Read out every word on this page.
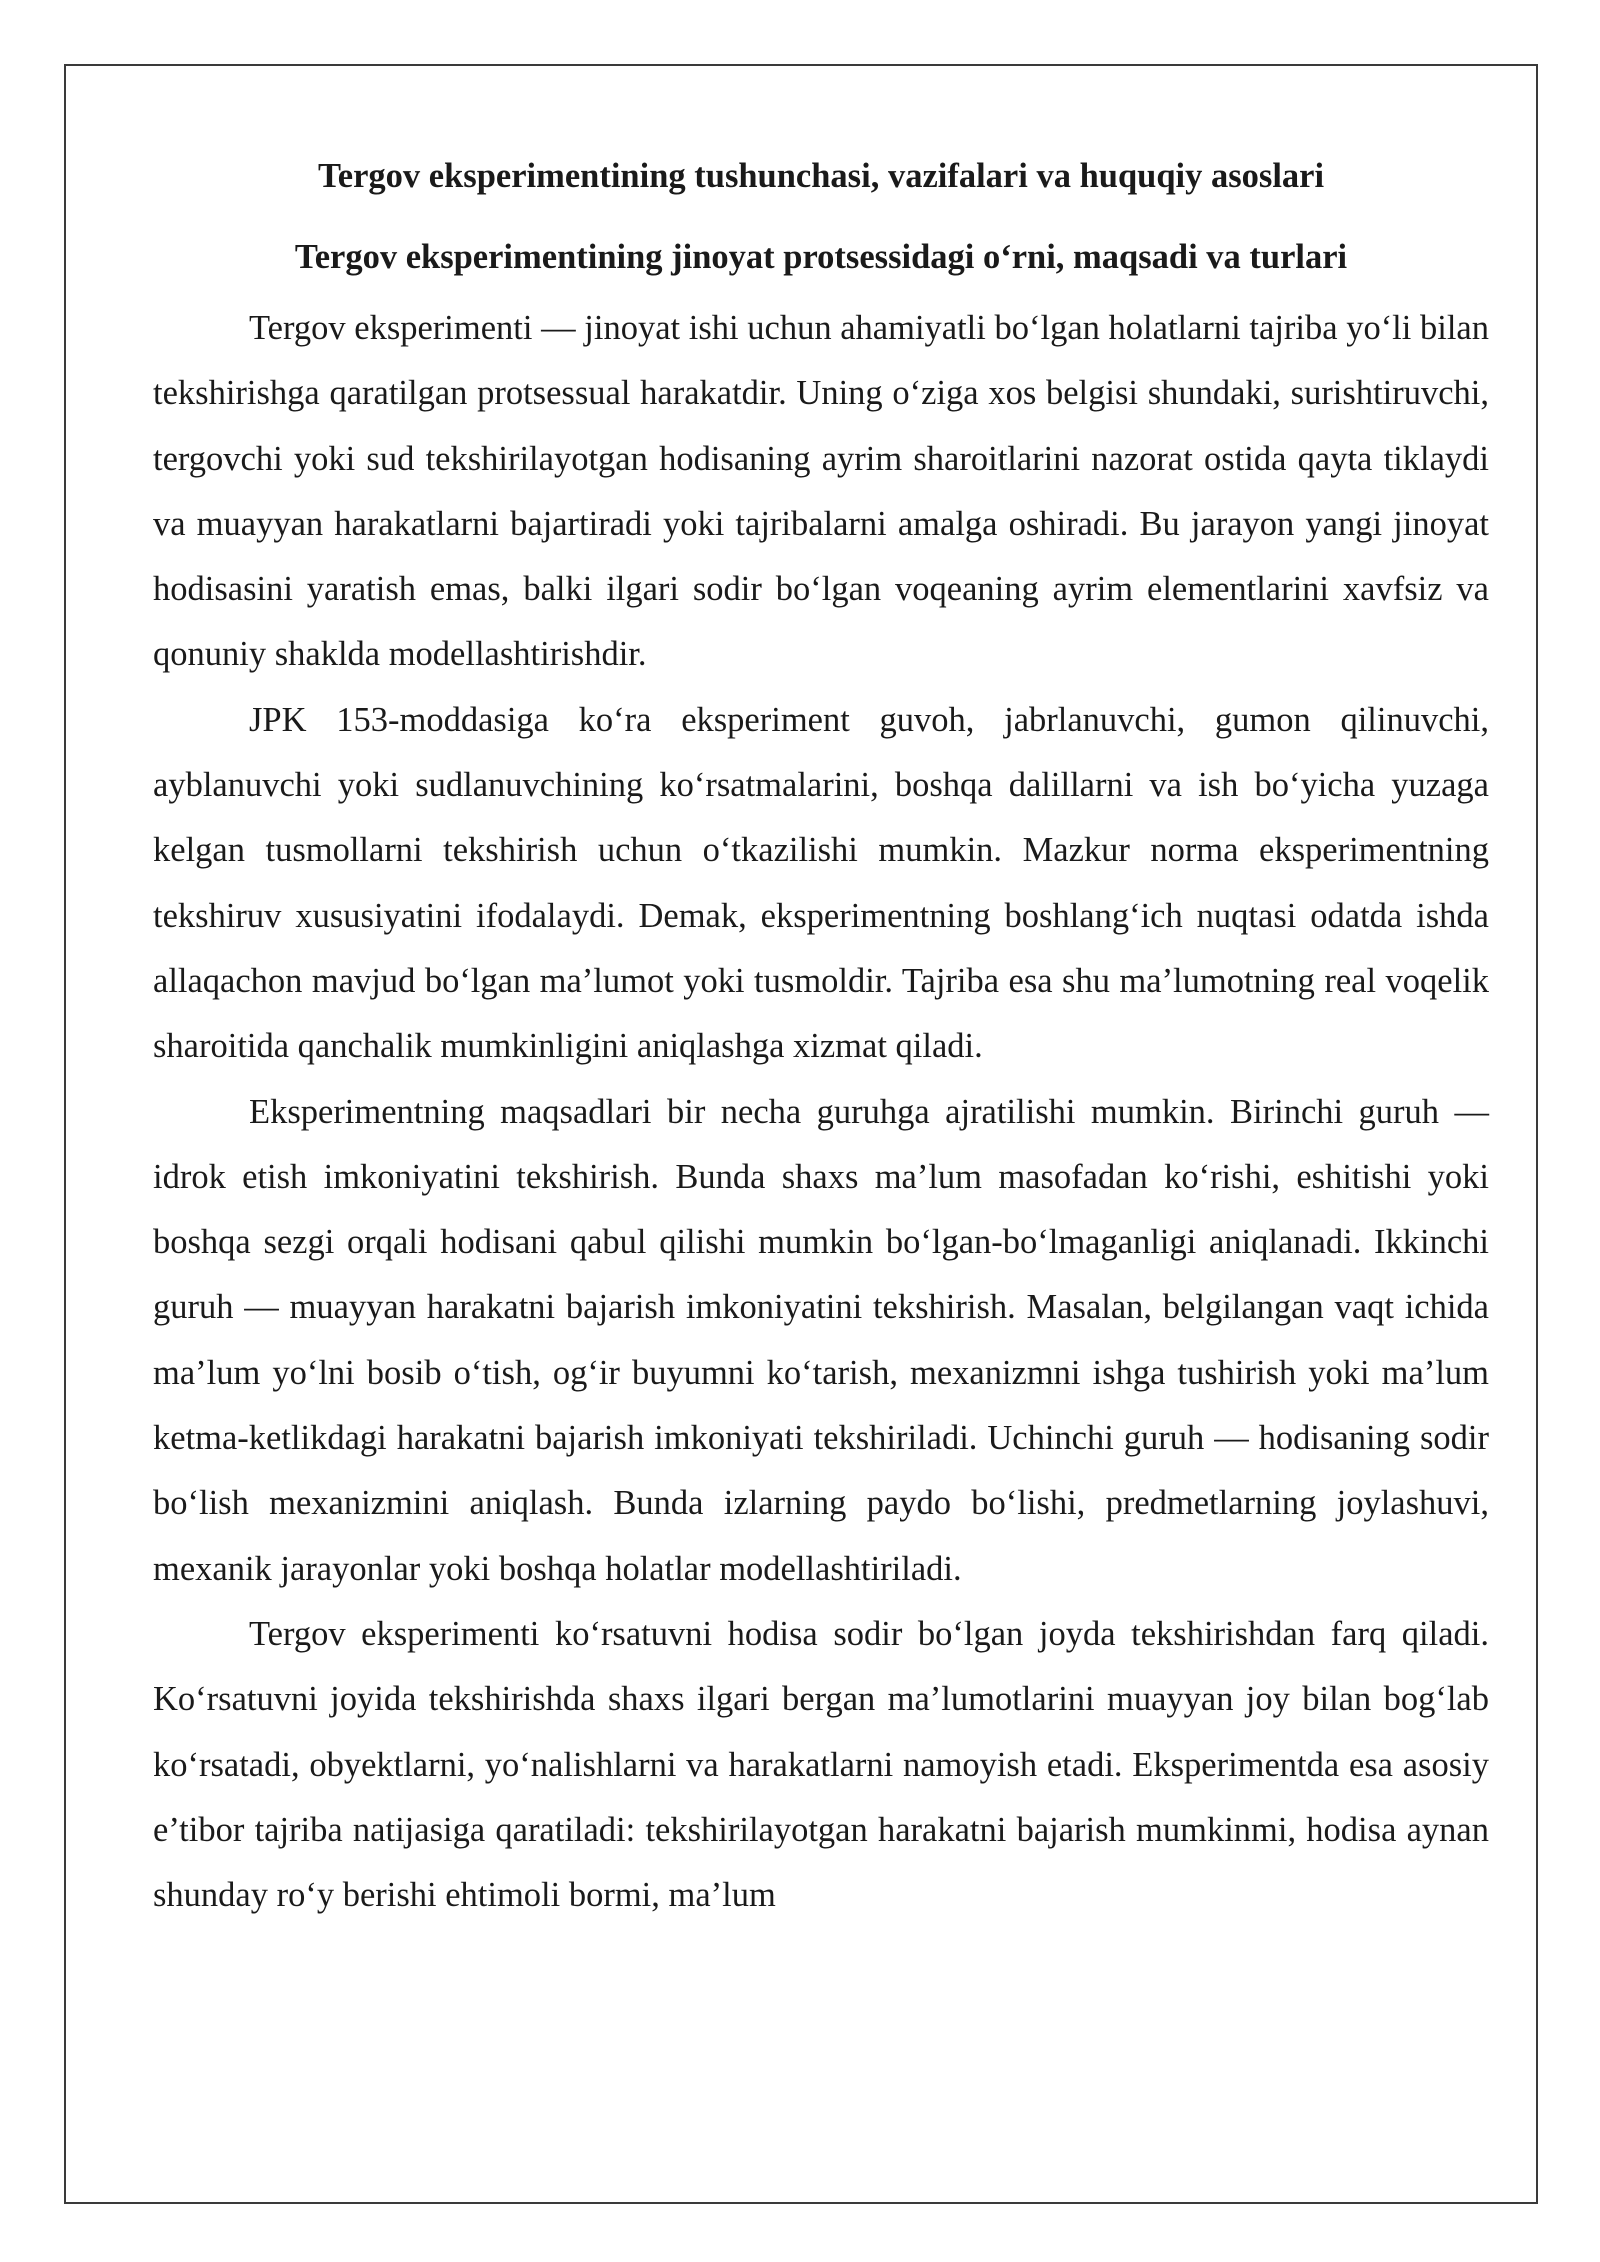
Tergov eksperimentining tushunchasi, vazifalari va huquqiy asoslari
Tergov eksperimentining jinoyat protsessidagi o‘rni, maqsadi va turlari

Tergov eksperimenti — jinoyat ishi uchun ahamiyatli bo‘lgan holatlarni tajriba yo‘li bilan tekshirishga qaratilgan protsessual harakatdir. Uning o‘ziga xos belgisi shundaki, surishtiruvchi, tergovchi yoki sud tekshirilayotgan hodisaning ayrim sharoitlarini nazorat ostida qayta tiklaydi va muayyan harakatlarni bajartiradi yoki tajribalarni amalga oshiradi. Bu jarayon yangi jinoyat hodisasini yaratish emas, balki ilgari sodir bo‘lgan voqeaning ayrim elementlarini xavfsiz va qonuniy shaklda modellashtirishdir.

JPK 153-moddasiga ko‘ra eksperiment guvoh, jabrlanuvchi, gumon qilinuvchi, ayblanuvchi yoki sudlanuvchining ko‘rsatmalarini, boshqa dalillarni va ish bo‘yicha yuzaga kelgan tusmollarni tekshirish uchun o‘tkazilishi mumkin. Mazkur norma eksperimentning tekshiruv xususiyatini ifodalaydi. Demak, eksperimentning boshlang‘ich nuqtasi odatda ishda allaqachon mavjud bo‘lgan ma’lumot yoki tusmoldir. Tajriba esa shu ma’lumotning real voqelik sharoitida qanchalik mumkinligini aniqlashga xizmat qiladi.

Eksperimentning maqsadlari bir necha guruhga ajratilishi mumkin. Birinchi guruh — idrok etish imkoniyatini tekshirish. Bunda shaxs ma’lum masofadan ko‘rishi, eshitishi yoki boshqa sezgi orqali hodisani qabul qilishi mumkin bo‘lgan-bo‘lmaganligi aniqlanadi. Ikkinchi guruh — muayyan harakatni bajarish imkoniyatini tekshirish. Masalan, belgilangan vaqt ichida ma’lum yo‘lni bosib o‘tish, og‘ir buyumni ko‘tarish, mexanizmni ishga tushirish yoki ma’lum ketma-ketlikdagi harakatni bajarish imkoniyati tekshiriladi. Uchinchi guruh — hodisaning sodir bo‘lish mexanizmini aniqlash. Bunda izlarning paydo bo‘lishi, predmetlarning joylashuvi, mexanik jarayonlar yoki boshqa holatlar modellashtiriladi.

Tergov eksperimenti ko‘rsatuvni hodisa sodir bo‘lgan joyda tekshirishdan farq qiladi. Ko‘rsatuvni joyida tekshirishda shaxs ilgari bergan ma’lumotlarini muayyan joy bilan bog‘lab ko‘rsatadi, obyektlarni, yo‘nalishlarni va harakatlarni namoyish etadi. Eksperimentda esa asosiy e’tibor tajriba natijasiga qaratiladi: tekshirilayotgan harakatni bajarish mumkinmi, hodisa aynan shunday ro‘y berishi ehtimoli bormi, ma’lum
